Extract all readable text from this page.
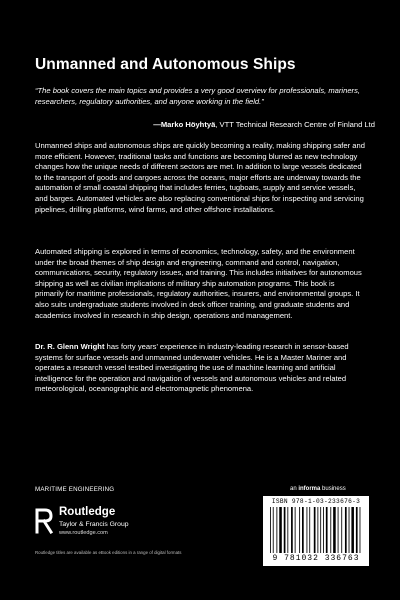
Unmanned and Autonomous Ships

“The book covers the main topics and provides a very good overview for professionals, mariners, researchers, regulatory authorities, and anyone working in the field.”

—Marko Höyhtyä, VTT Technical Research Centre of Finland Ltd

Unmanned ships and autonomous ships are quickly becoming a reality, making shipping safer and more efficient. However, traditional tasks and functions are becoming blurred as new technology changes how the unique needs of different sectors are met. In addition to large vessels dedicated to the transport of goods and cargoes across the oceans, major efforts are underway towards the automation of small coastal shipping that includes ferries, tugboats, supply and service vessels, and barges. Automated vehicles are also replacing conventional ships for inspecting and servicing pipelines, drilling platforms, wind farms, and other offshore installations.

Automated shipping is explored in terms of economics, technology, safety, and the environment under the broad themes of ship design and engineering, command and control, navigation, communications, security, regulatory issues, and training. This includes initiatives for autonomous shipping as well as civilian implications of military ship automation programs. This book is primarily for maritime professionals, regulatory authorities, insurers, and environmental groups. It also suits undergraduate students involved in deck officer training, and graduate students and academics involved in research in ship design, operations and management.

Dr. R. Glenn Wright has forty years’ experience in industry-leading research in sensor-based systems for surface vessels and unmanned underwater vehicles. He is a Master Mariner and operates a research vessel testbed investigating the use of machine learning and artificial intelligence for the operation and navigation of vessels and autonomous vehicles and related meteorological, oceanographic and electromagnetic phenomena.

MARITIME ENGINEERING	an informa business
Routledge
Taylor & Francis Group
www.routledge.com
Routledge titles are available as eBook editions in a range of digital formats
ISBN 978-1-03-233676-3
9 781032 336763
